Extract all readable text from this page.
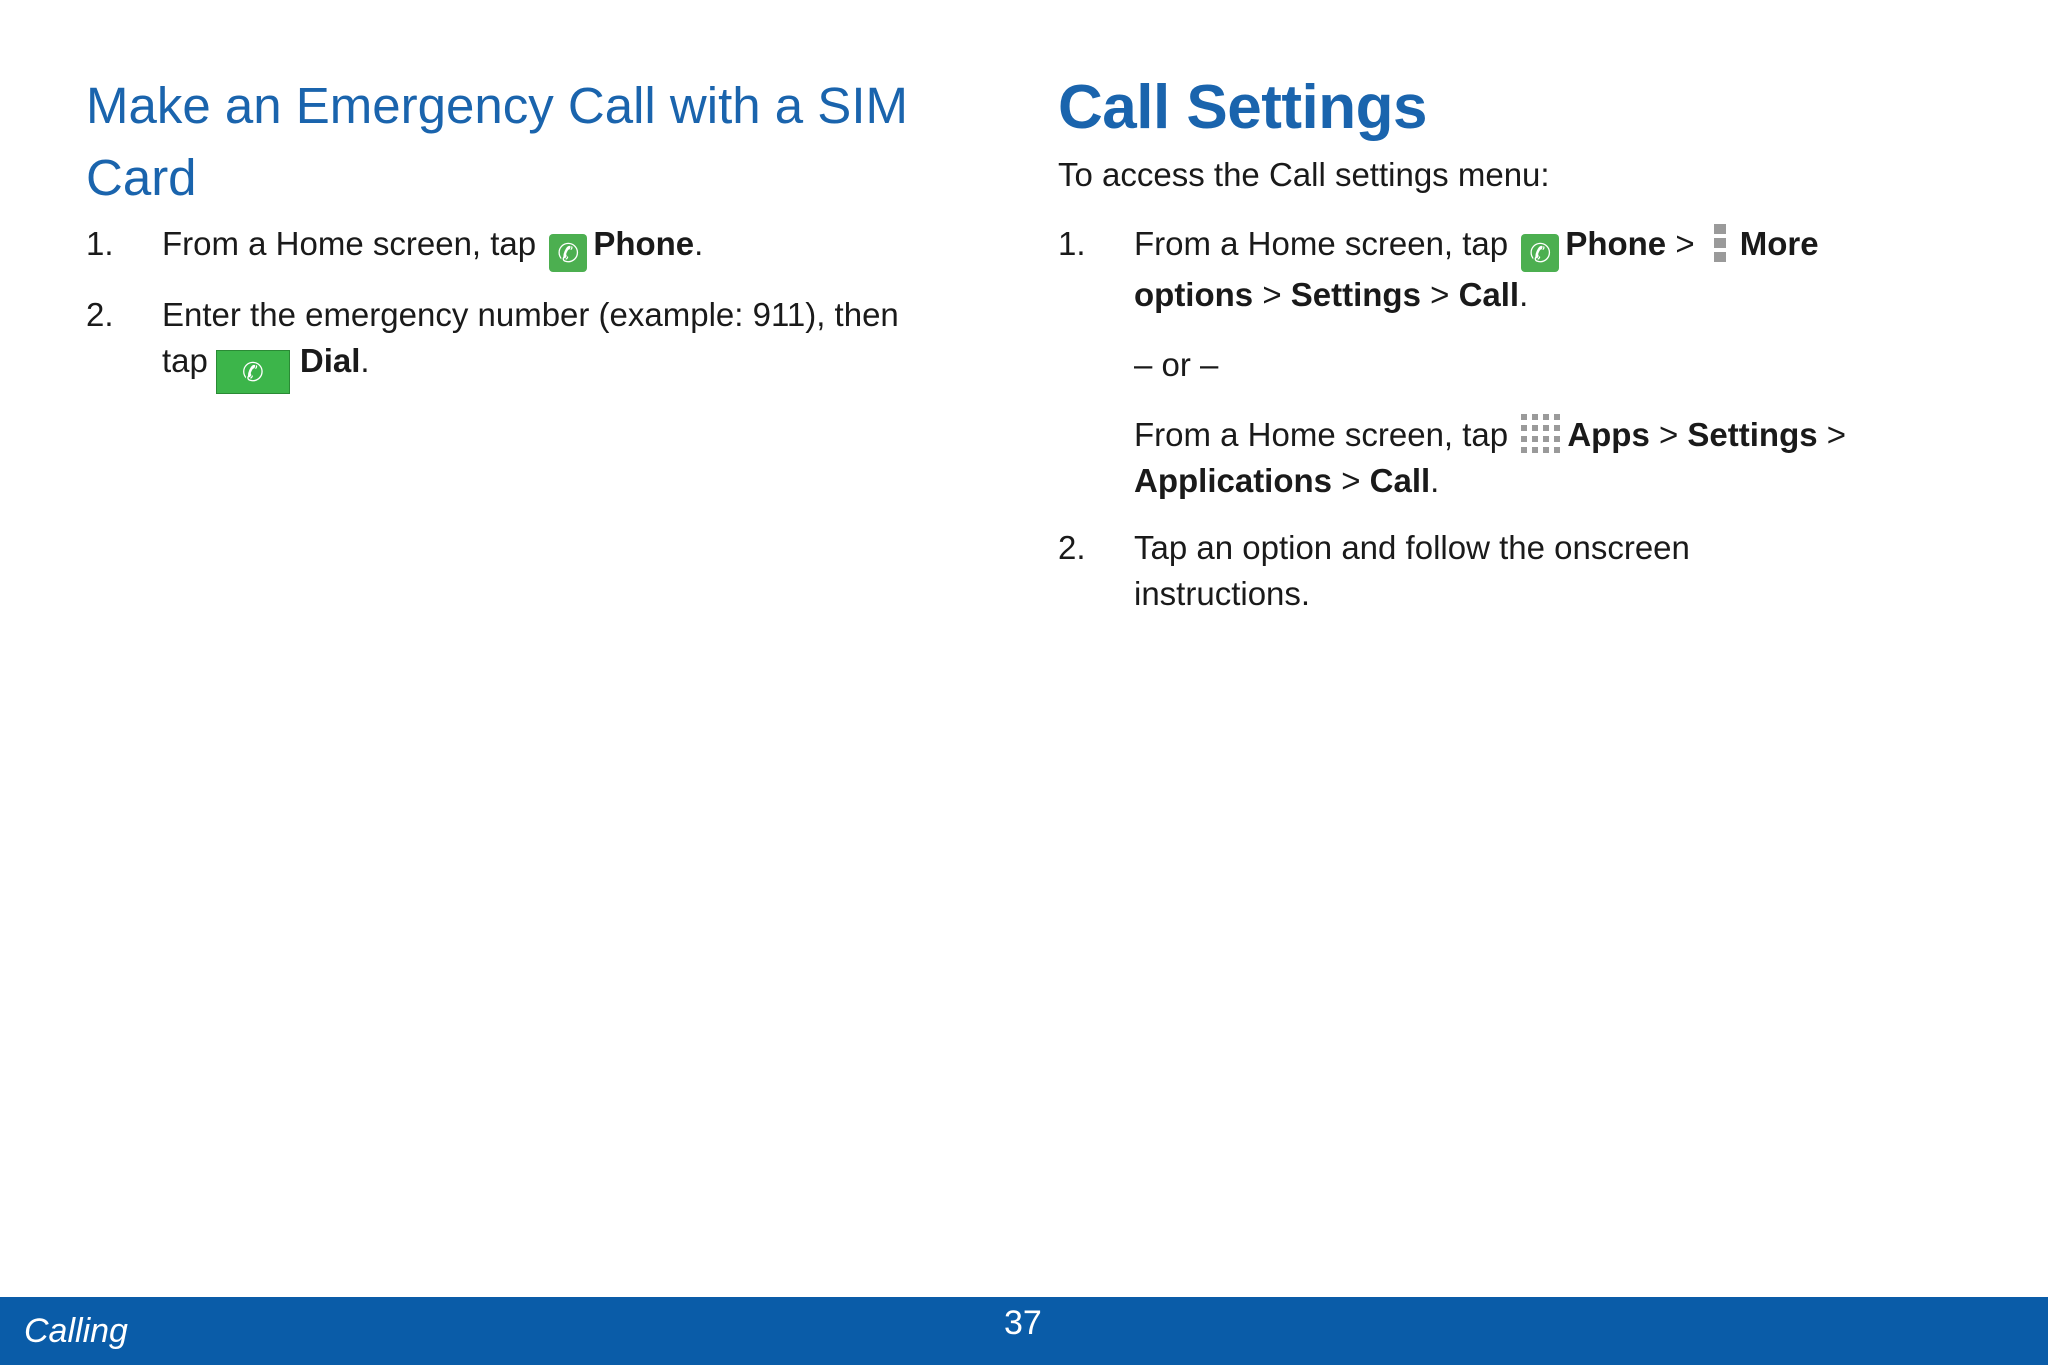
Make an Emergency Call with a SIM
Card
1. From a Home screen, tap ✆ Phone.
2. Enter the emergency number (example: 911), then
tap ✆ Dial.
Call Settings
To access the Call settings menu:
1. From a Home screen, tap ✆ Phone >
More
options > Settings > Call.
– or –
From a Home screen, tap Apps > Settings >
Applications > Call.
2. Tap an option and follow the onscreen
instructions.
Calling	37
